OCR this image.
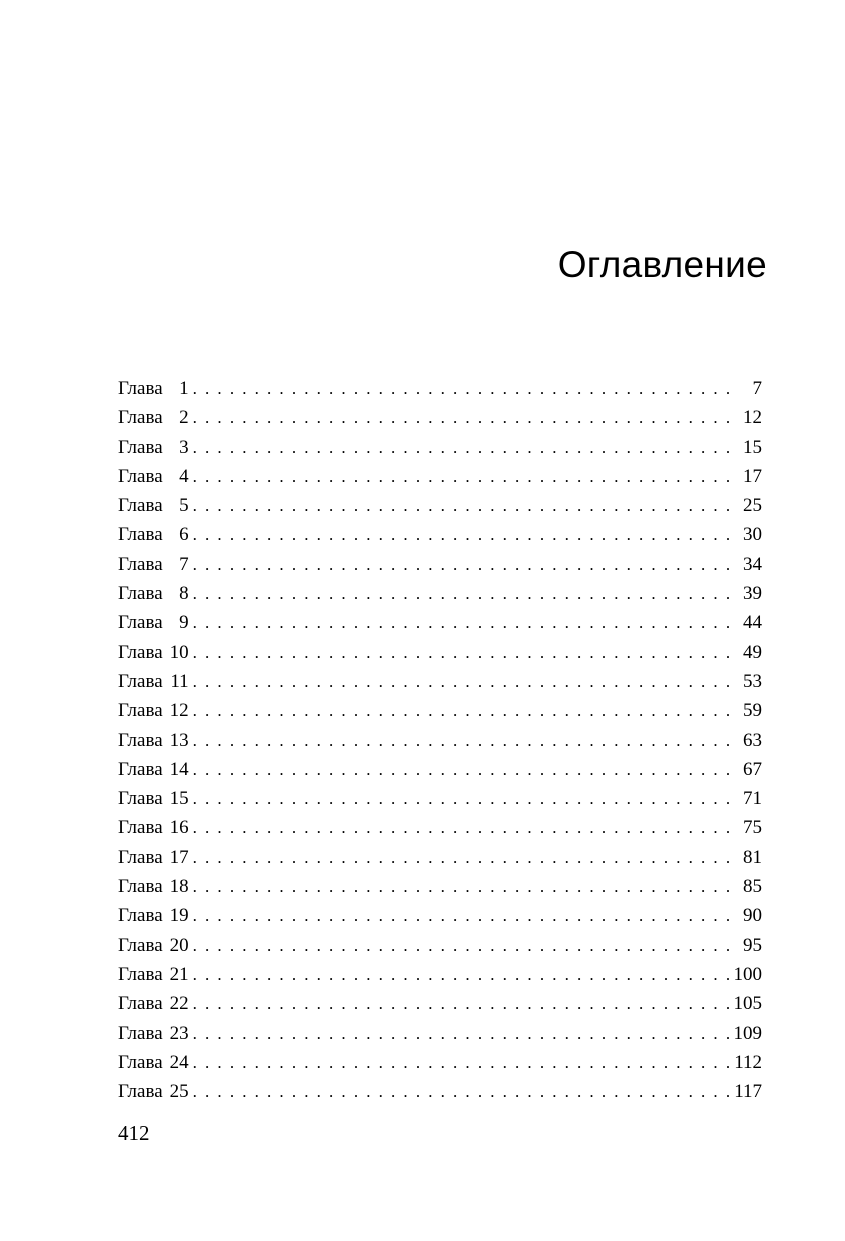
Оглавление
Глава 1 . . .	7
Глава 2 . . .	12
Глава 3 . . .	15
Глава 4 . . .	17
Глава 5 . . .	25
Глава 6 . . .	30
Глава 7 . . .	34
Глава 8 . . .	39
Глава 9 . . .	44
Глава 10 . . .	49
Глава 11 . . .	53
Глава 12 . . .	59
Глава 13 . . .	63
Глава 14 . . .	67
Глава 15 . . .	71
Глава 16 . . .	75
Глава 17 . . .	81
Глава 18 . . .	85
Глава 19 . . .	90
Глава 20 . . .	95
Глава 21 . . .	100
Глава 22 . . .	105
Глава 23 . . .	109
Глава 24 . . .	112
Глава 25 . . .	117
412
